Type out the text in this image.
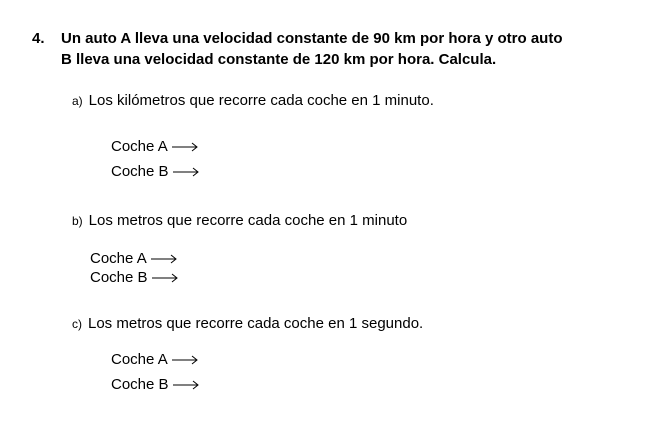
4. Un auto A lleva una velocidad constante de 90 km por hora y otro auto
B lleva una velocidad constante de 120 km por hora. Calcula.
a) Los kilómetros que recorre cada coche en 1 minuto.
Coche A
Coche B
b) Los metros que recorre cada coche en 1 minuto
Coche A
Coche B
c) Los metros que recorre cada coche en 1 segundo.
Coche A
Coche B
